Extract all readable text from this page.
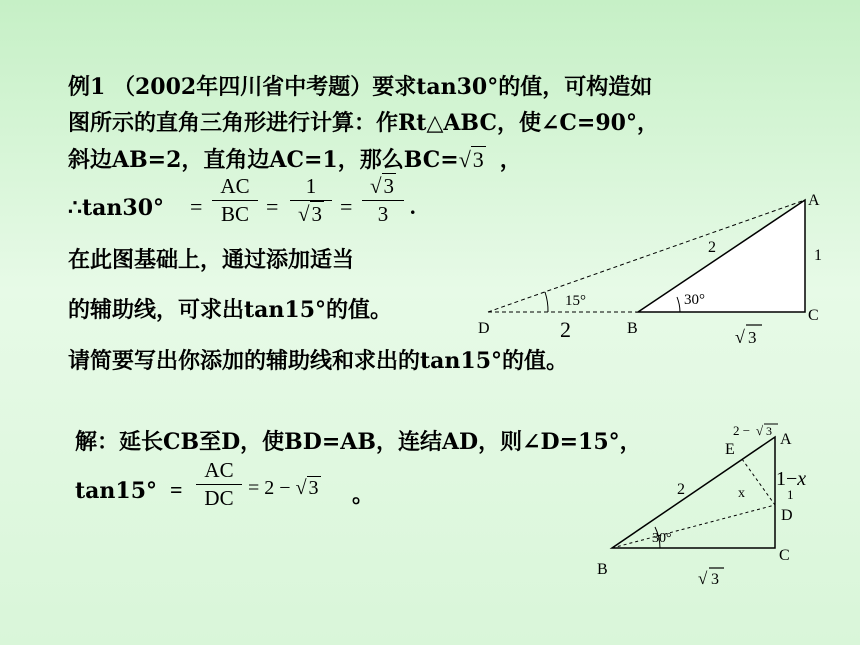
例1 （2002年四川省中考题）要求tan30°的值，可构造如
图所示的直角三角形进行计算：作Rt△ABC，使∠C=90°，
斜边AB=2，直角边AC=1，那么BC=√3 ，
∴tan30° =
AC
BC =
1
√3 =
√3
3 .
在此图基础上，通过添加适当
的辅助线，可求出tan15°的值。
请简要写出你添加的辅助线和求出的tan15°的值。
A
C
B
D
2	1
2
15°	30°
√ 3
解：延长CB至D，使BD=AB，连结AD，则∠D=15°，
tan15° =
AC
DC = 2 − √ 3 。
A
C
B
D
E
2	x
1−x
1
30°
√ 3
2 − √ 3
